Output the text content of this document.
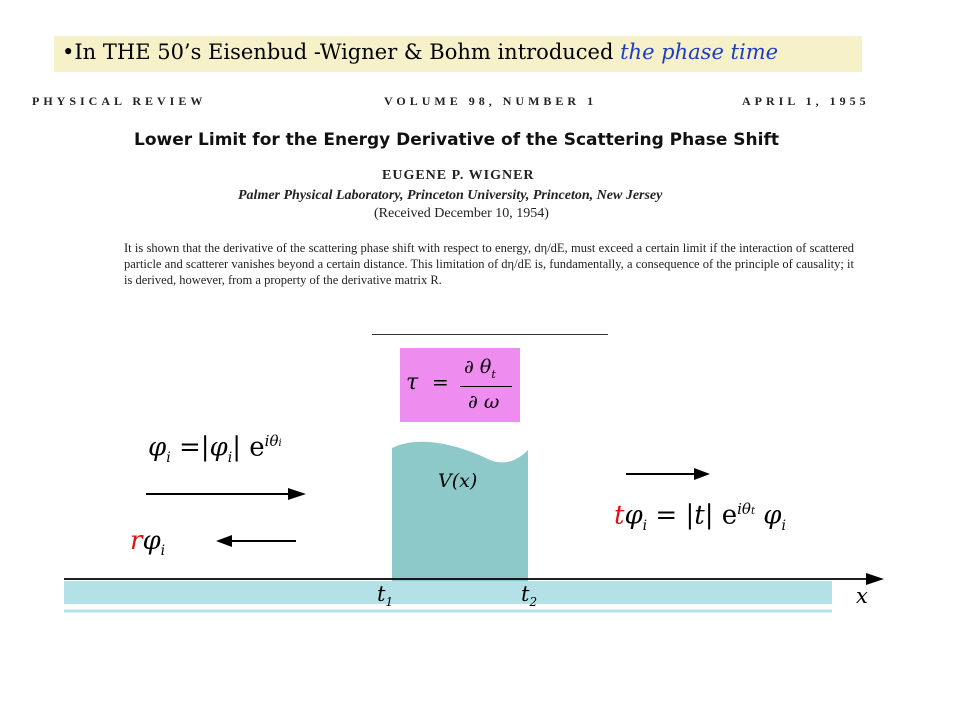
•In THE 50’s Eisenbud -Wigner & Bohm introduced the phase time
PHYSICAL REVIEW	VOLUME 98, NUMBER 1	APRIL 1, 1955
Lower Limit for the Energy Derivative of the Scattering Phase Shift
EUGENE P. WIGNER
Palmer Physical Laboratory, Princeton University, Princeton, New Jersey
(Received December 10, 1954)
It is shown that the derivative of the scattering phase shift with respect to energy, dη/dE, must exceed a certain limit if the interaction of scattered particle and scatterer vanishes beyond a certain distance. This limitation of dη/dE is, fundamentally, a consequence of the principle of causality; it is derived, however, from a property of the derivative matrix R.
τ =
∂ $\theta_t$
∂ ω
$\varphi_i =|\varphi_i|$ $e^{i\theta i}$
$r\varphi_i$
V(x)
$t\varphi_i = |t|$ $e^{i\theta t}$ $\varphi_i$
$t_1$	$t_2$	x
